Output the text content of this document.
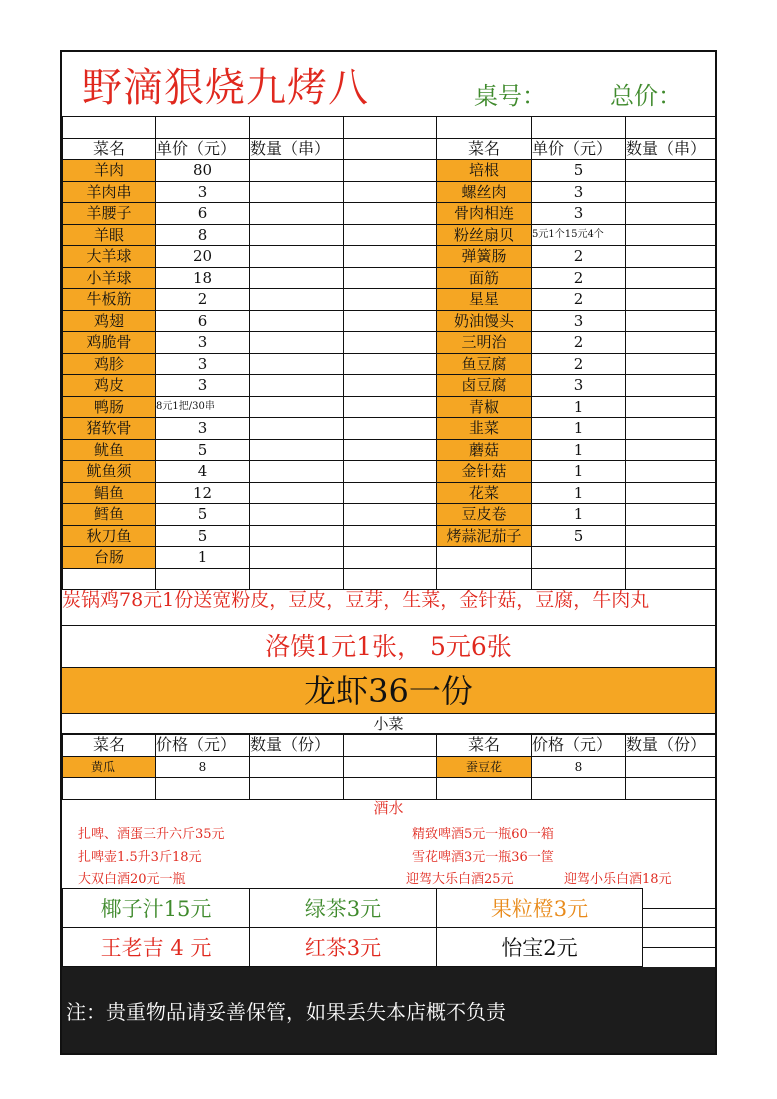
野滴狠烧九烤八	桌号：	总价：

菜名	单价（元）	数量（串）	
羊肉	80		
羊肉串	3		
羊腰子	6		
羊眼	8		
大羊球	20		
小羊球	18		
牛板筋	2		
鸡翅	6		
鸡脆骨	3		
鸡胗	3		
鸡皮	3		
鸭肠	8元1把/30串		
猪软骨	3		
鱿鱼	5		
鱿鱼须	4		
鲳鱼	12		
鳕鱼	5		
秋刀鱼	5		
台肠	1		

菜名	单价（元）	数量（串）
培根	5	
螺丝肉	3	
骨肉相连	3	
粉丝扇贝	5元1个15元4个	
弹簧肠	2	
面筋	2	
星星	2	
奶油馒头	3	
三明治	2	
鱼豆腐	2	
卤豆腐	3	
青椒	1	
韭菜	1	
蘑菇	1	
金针菇	1	
花菜	1	
豆皮卷	1	
烤蒜泥茄子	5	

炭锅鸡78元1份送宽粉皮，豆皮，豆芽，生菜，金针菇，豆腐，牛肉丸
洛馍1元1张， 5元6张
龙虾36一份
小菜
菜名	价格（元）	数量（份）		菜名	价格（元）	数量（份）
黄瓜	8			蚕豆花	8	

酒水
扎啤、酒蛋三升六斤35元	精致啤酒5元一瓶60一箱
扎啤壶1.5升3斤18元	雪花啤酒3元一瓶36一筐
大双白酒20元一瓶	迎驾大乐白酒25元	迎驾小乐白酒18元
椰子汁15元	绿茶3元	果粒橙3元
王老吉 4 元	红茶3元	怡宝2元
注：贵重物品请妥善保管，如果丢失本店概不负责
